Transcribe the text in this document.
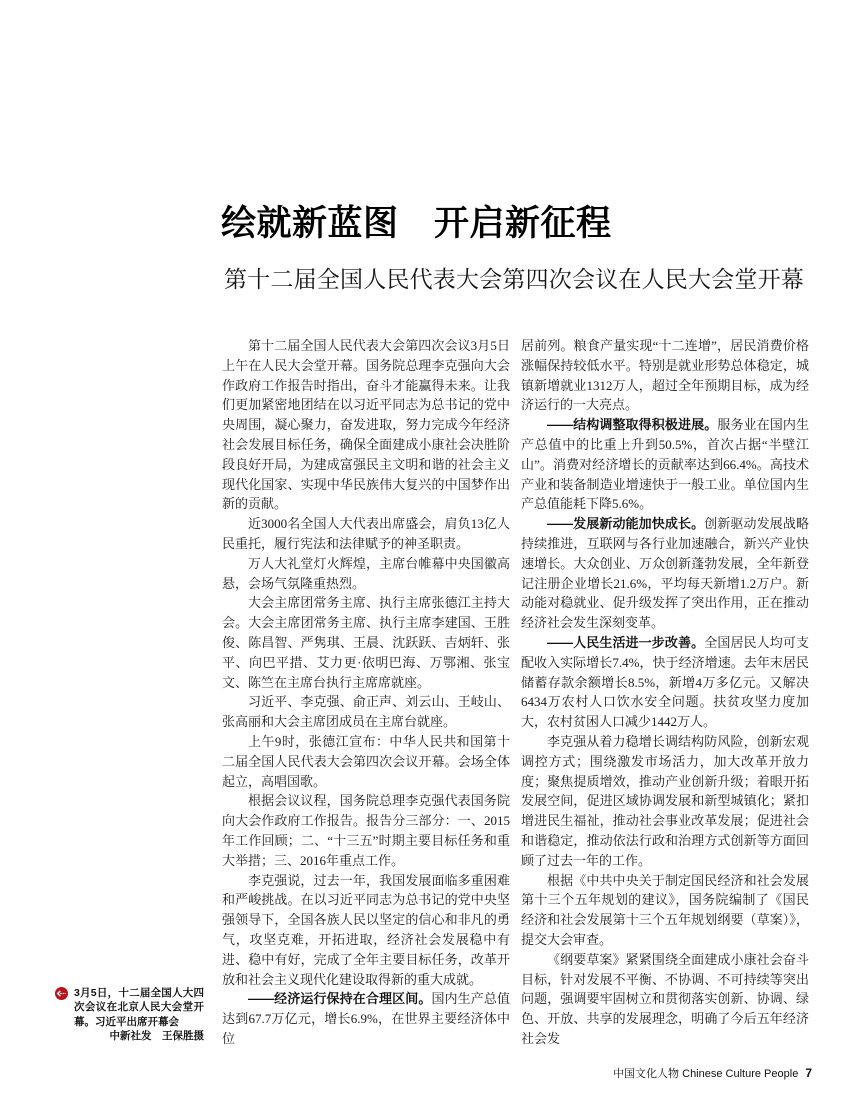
绘就新蓝图　开启新征程
第十二届全国人民代表大会第四次会议在人民大会堂开幕

第十二届全国人民代表大会第四次会议3月5日上午在人民大会堂开幕。国务院总理李克强向大会作政府工作报告时指出，奋斗才能赢得未来。让我们更加紧密地团结在以习近平同志为总书记的党中央周围，凝心聚力，奋发进取，努力完成今年经济社会发展目标任务，确保全面建成小康社会决胜阶段良好开局，为建成富强民主文明和谐的社会主义现代化国家、实现中华民族伟大复兴的中国梦作出新的贡献。

近3000名全国人大代表出席盛会，肩负13亿人民重托，履行宪法和法律赋予的神圣职责。

万人大礼堂灯火辉煌，主席台帷幕中央国徽高悬，会场气氛隆重热烈。

大会主席团常务主席、执行主席张德江主持大会。大会主席团常务主席、执行主席李建国、王胜俊、陈昌智、严隽琪、王晨、沈跃跃、吉炳轩、张平、向巴平措、艾力更·依明巴海、万鄂湘、张宝文、陈竺在主席台执行主席席就座。

习近平、李克强、俞正声、刘云山、王岐山、张高丽和大会主席团成员在主席台就座。

上午9时，张德江宣布：中华人民共和国第十二届全国人民代表大会第四次会议开幕。会场全体起立，高唱国歌。

根据会议议程，国务院总理李克强代表国务院向大会作政府工作报告。报告分三部分：一、2015年工作回顾；二、“十三五”时期主要目标任务和重大举措；三、2016年重点工作。

李克强说，过去一年，我国发展面临多重困难和严峻挑战。在以习近平同志为总书记的党中央坚强领导下，全国各族人民以坚定的信心和非凡的勇气，攻坚克难，开拓进取，经济社会发展稳中有进、稳中有好，完成了全年主要目标任务，改革开放和社会主义现代化建设取得新的重大成就。

——经济运行保持在合理区间。国内生产总值达到67.7万亿元，增长6.9%，在世界主要经济体中位

居前列。粮食产量实现“十二连增”，居民消费价格涨幅保持较低水平。特别是就业形势总体稳定，城镇新增就业1312万人，超过全年预期目标，成为经济运行的一大亮点。

——结构调整取得积极进展。服务业在国内生产总值中的比重上升到50.5%，首次占据“半壁江山”。消费对经济增长的贡献率达到66.4%。高技术产业和装备制造业增速快于一般工业。单位国内生产总值能耗下降5.6%。

——发展新动能加快成长。创新驱动发展战略持续推进，互联网与各行业加速融合，新兴产业快速增长。大众创业、万众创新蓬勃发展，全年新登记注册企业增长21.6%，平均每天新增1.2万户。新动能对稳就业、促升级发挥了突出作用，正在推动经济社会发生深刻变革。

——人民生活进一步改善。全国居民人均可支配收入实际增长7.4%，快于经济增速。去年末居民储蓄存款余额增长8.5%，新增4万多亿元。又解决6434万农村人口饮水安全问题。扶贫攻坚力度加大，农村贫困人口减少1442万人。

李克强从着力稳增长调结构防风险，创新宏观调控方式；围绕激发市场活力，加大改革开放力度；聚焦提质增效，推动产业创新升级；着眼开拓发展空间，促进区域协调发展和新型城镇化；紧扣增进民生福祉，推动社会事业改革发展；促进社会和谐稳定，推动依法行政和治理方式创新等方面回顾了过去一年的工作。

根据《中共中央关于制定国民经济和社会发展第十三个五年规划的建议》，国务院编制了《国民经济和社会发展第十三个五年规划纲要（草案）》，提交大会审查。

《纲要草案》紧紧围绕全面建成小康社会奋斗目标，针对发展不平衡、不协调、不可持续等突出问题，强调要牢固树立和贯彻落实创新、协调、绿色、开放、共享的发展理念，明确了今后五年经济社会发

3月5日，十二届全国人大四次会议在北京人民大会堂开幕。习近平出席开幕会
中新社发　王保胜摄
中国文化人物 Chinese Culture People 7
